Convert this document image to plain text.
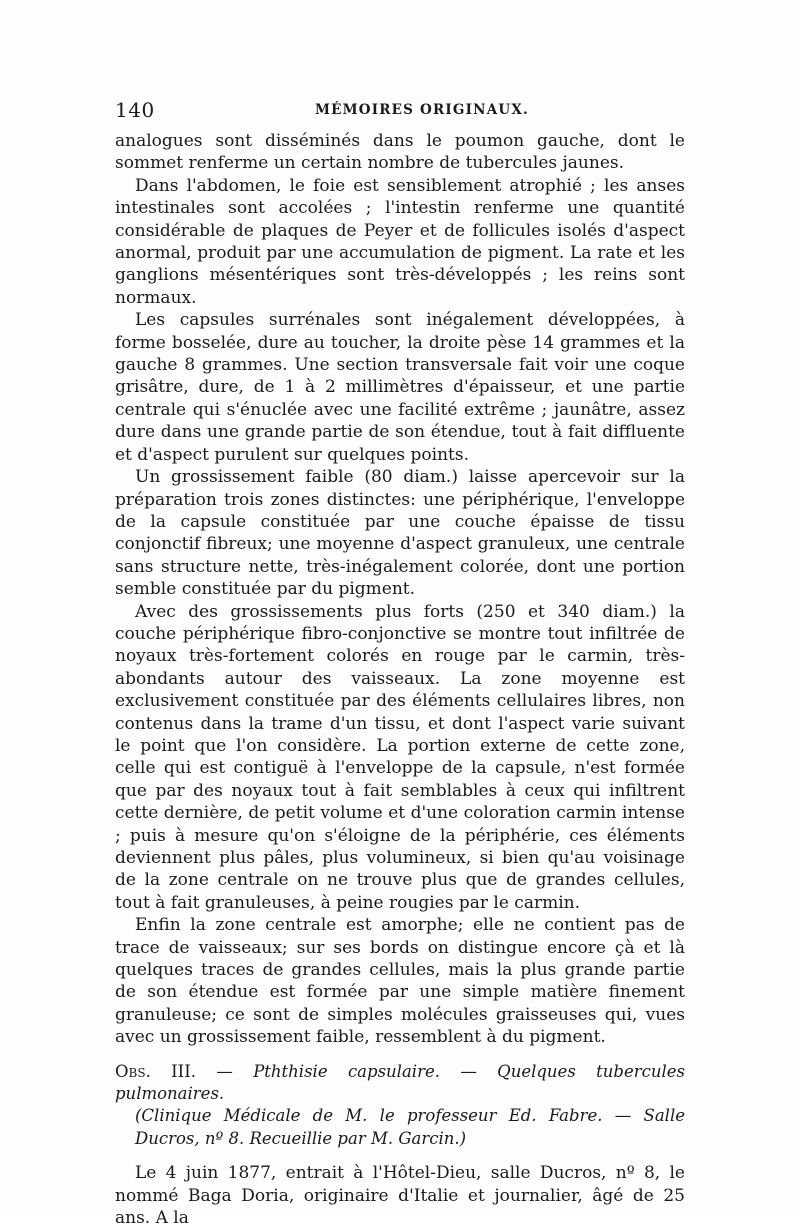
140	MÉMOIRES ORIGINAUX.

analogues sont disséminés dans le poumon gauche, dont le sommet renferme un certain nombre de tubercules jaunes.

Dans l'abdomen, le foie est sensiblement atrophié ; les anses intestinales sont accolées ; l'intestin renferme une quantité considérable de plaques de Peyer et de follicules isolés d'aspect anormal, produit par une accumulation de pigment. La rate et les ganglions mésentériques sont très-développés ; les reins sont normaux.

Les capsules surrénales sont inégalement développées, à forme bosselée, dure au toucher, la droite pèse 14 grammes et la gauche 8 grammes. Une section transversale fait voir une coque grisâtre, dure, de 1 à 2 millimètres d'épaisseur, et une partie centrale qui s'énuclée avec une facilité extrême ; jaunâtre, assez dure dans une grande partie de son étendue, tout à fait diffluente et d'aspect purulent sur quelques points.

Un grossissement faible (80 diam.) laisse apercevoir sur la préparation trois zones distinctes: une périphérique, l'enveloppe de la capsule constituée par une couche épaisse de tissu conjonctif fibreux; une moyenne d'aspect granuleux, une centrale sans structure nette, très-inégalement colorée, dont une portion semble constituée par du pigment.

Avec des grossissements plus forts (250 et 340 diam.) la couche périphérique fibro-conjonctive se montre tout infiltrée de noyaux très-fortement colorés en rouge par le carmin, très-abondants autour des vaisseaux. La zone moyenne est exclusivement constituée par des éléments cellulaires libres, non contenus dans la trame d'un tissu, et dont l'aspect varie suivant le point que l'on considère. La portion externe de cette zone, celle qui est contiguë à l'enveloppe de la capsule, n'est formée que par des noyaux tout à fait semblables à ceux qui infiltrent cette dernière, de petit volume et d'une coloration carmin intense ; puis à mesure qu'on s'éloigne de la périphérie, ces éléments deviennent plus pâles, plus volumineux, si bien qu'au voisinage de la zone centrale on ne trouve plus que de grandes cellules, tout à fait granuleuses, à peine rougies par le carmin.

Enfin la zone centrale est amorphe; elle ne contient pas de trace de vaisseaux; sur ses bords on distingue encore çà et là quelques traces de grandes cellules, mais la plus grande partie de son étendue est formée par une simple matière finement granuleuse; ce sont de simples molécules graisseuses qui, vues avec un grossissement faible, ressemblent à du pigment.

Obs. III. — Pththisie capsulaire. — Quelques tubercules pulmonaires.
(Clinique Médicale de M. le professeur Ed. Fabre. — Salle Ducros, nº 8. Recueillie par M. Garcin.)

Le 4 juin 1877, entrait à l'Hôtel-Dieu, salle Ducros, nº 8, le nommé Baga Doria, originaire d'Italie et journalier, âgé de 25 ans. A la
